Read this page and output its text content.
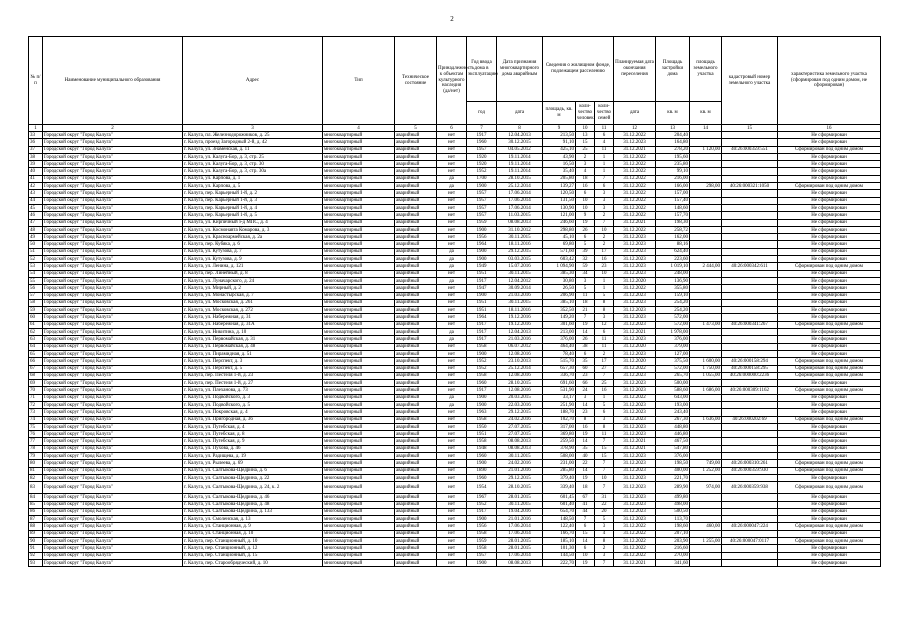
2
№ п/п	Наименование муниципального образования	Адрес	Тип	Техническое состояние	Принадлежность к объектам культурного наследия (да/нет)	Год ввода дома в эксплуатацию	Дата признания многоквартирного дома аварийным	Сведения о жилищном фонде, подлежащем расселению			Планируемая дата окончания переселения	Площадь застройки дома	площадь земельного участка	кадастровый номер земельного участка	характеристика земельного участка (сформирован под одним домом, не сформирован)
						год	дата	площадь, кв. м	коли- чество человек	коли- чество семей	дата	кв. м	кв. м		
1	2	3	4	5	6	7	8	9	10	11	12	13	14	15	16
33	Городской округ "Город Калуга"	г. Калуга, пл. Железнодорожников, д. 25	многоквартирный	аварийный	нет	1917	12.04.2013	213,50	13	6	31.12.2022	204,40			Не сформирован
36	Городской округ "Город Калуга"	г. Калуга, проезд Загородный 2-й, д. 42	многоквартирный	аварийный	нет	1960	30.12.2015	91,10	15	4	31.12.2023	164,80			Не сформирован
37	Городской округ "Город Калуга"	г. Калуга, ул. Знаменская, д. 11	многоквартирный	аварийный	нет	1957	04.05.2012	425,10	25	11	31.12.2021	278,20	1 120,00	40:26:000359:551	Сформирован под одним домом
38	Городской округ "Город Калуга"	г. Калуга, ул. Калуга-Бор, д. 3, стр. 25	многоквартирный	аварийный	нет	1920	19.11.2014	43,90	2	1	31.12.2022	195,60			Не сформирован
39	Городской округ "Город Калуга"	г. Калуга, ул. Калуга-Бор, д. 3, стр. 30	многоквартирный	аварийный	нет	1920	19.11.2014	16,50	3	1	31.12.2022	235,80			Не сформирован
40	Городской округ "Город Калуга"	г. Калуга, ул. Калуга-Бор, д. 3, стр. 30а	многоквартирный	аварийный	нет	1952	19.11.2014	35,40	4	1	31.12.2022	99,10			Не сформирован
41	Городской округ "Город Калуга"	г. Калуга, ул. Карпова, д. 1	многоквартирный	аварийный	да	1700	28.10.2015	205,80	18	7	31.12.2022	216,00			Не сформирован
42	Городской округ "Город Калуга"	г. Калуга, ул. Карпова, д. 5	многоквартирный	аварийный	да	1900	25.12.2014	139,27	16	6	31.12.2022	166,00	298,00	40:26:000321:1050	Сформирован под одним домом
43	Городской округ "Город Калуга"	г. Калуга, пер. Карьерный 1-й, д. 2	многоквартирный	аварийный	нет	1957	17.06.2014	120,50	6	3	31.12.2022	157,00			Не сформирован
44	Городской округ "Город Калуга"	г. Калуга, пер. Карьерный 1-й, д. 3	многоквартирный	аварийный	нет	1957	17.06.2014	131,50	10	3	31.12.2022	157,40			Не сформирован
45	Городской округ "Город Калуга"	г. Калуга, пер. Карьерный 1-й, д. 4	многоквартирный	аварийный	нет	1957	17.06.2014	130,90	10	3	31.12.2022	148,60			Не сформирован
46	Городской округ "Город Калуга"	г. Калуга, пер. Карьерный 1-й, д. 5	многоквартирный	аварийный	нет	1957	11.03.2015	121,00	9	2	31.12.2022	157,70			Не сформирован
47	Городской округ "Город Калуга"	г. Калуга, ул. Кирпичный з-д МПС, д. 4	многоквартирный	аварийный	нет	1959	08.08.2013	246,60	19	7	31.12.2021	198,30			Не сформирован
48	Городской округ "Город Калуга"	г. Калуга, ул. Космонавта Комарова, д. 3	многоквартирный	аварийный	нет	1900	31.10.2012	298,80	26	10	31.12.2022	258,72			Не сформирован
49	Городской округ "Город Калуга"	г. Калуга, ул. Красноармейская, д. 2а	многоквартирный	аварийный	нет	1956	30.11.2015	45,10	6	2	31.12.2023	162,00			Не сформирован
50	Городской округ "Город Калуга"	г. Калуга, пер. Кубяка, д. 6	многоквартирный	аварийный	нет	1964	18.11.2016	69,80	5	2	31.12.2023	88,16			Не сформирован
51	Городской округ "Город Калуга"	г. Калуга, ул. Кутузова, д. 7	многоквартирный	аварийный	да	1900	29.12.2015	571,60	39	17	31.12.2023	624,40			Не сформирован
52	Городской округ "Город Калуга"	г. Калуга, ул. Кутузова, д. 9	многоквартирный	аварийный	да	1900	03.03.2015	603,42	32	16	31.12.2023	223,60			Не сформирован
53	Городской округ "Город Калуга"	г. Калуга, ул. Ленина, д. 121	многоквартирный	аварийный	да	1949	15.07.2016	1 094,90	59	23	31.12.2023	1 019,10	2 444,00	40:26:000342:611	Сформирован под одним домом
54	Городской округ "Город Калуга"	г. Калуга, пер. Линейный, д. 8	многоквартирный	аварийный	нет	1951	30.11.2015	385,30	34	10	31.12.2023	248,00			Не сформирован
55	Городской округ "Город Калуга"	г. Калуга, ул. Луначарского, д. 24	многоквартирный	аварийный	да	1917	12.04.2012	30,80	3	1	31.12.2020	136,90			Не сформирован
56	Городской округ "Город Калуга"	г. Калуга, ул. Мирный, д. 2	многоквартирный	аварийный	нет	1947	30.09.2014	26,50	5	1	31.12.2022	355,80			Не сформирован
57	Городской округ "Город Калуга"	г. Калуга, ул. Монастырская, д. 7	многоквартирный	аварийный	нет	1900	21.03.2016	206,90	11	5	31.12.2023	159,10			Не сформирован
58	Городской округ "Город Калуга"	г. Калуга, ул. Московская, д. 261	многоквартирный	аварийный	нет	1951	30.11.2015	385,10	18	8	31.12.2023	254,20			Не сформирован
59	Городской округ "Город Калуга"	г. Калуга, ул. Московская, д. 272	многоквартирный	аварийный	нет	1951	18.11.2016	352,50	21	8	31.12.2023	254,20			Не сформирован
60	Городской округ "Город Калуга"	г. Калуга, ул. Набережная, д. 31	многоквартирный	аварийный	нет	1964	19.12.2016	149,20	7	3	31.12.2023	572,00			Не сформирован
61	Городской округ "Город Калуга"	г. Калуга, ул. Набережная, д. 31А	многоквартирный	аварийный	нет	1917	19.12.2016	301,60	19	12	31.12.2023	572,00	1 473,00	40:26:000341:267	Сформирован под одним домом
62	Городской округ "Город Калуга"	г. Калуга, ул. Никитина, д. 10	многоквартирный	аварийный	да	1917	12.04.2013	213,00	14	6	31.12.2021	1 978,00			Не сформирован
63	Городской округ "Город Калуга"	г. Калуга, ул. Первомайская, д. 31	многоквартирный	аварийный	да	1917	21.03.2016	376,00	26	11	31.12.2023	376,00			Не сформирован
64	Городской округ "Город Калуга"	г. Калуга, ул. Первомайская, д. 48	многоквартирный	аварийный	нет	1958	06.07.2012	464,40	38	11	31.12.2020	379,00			Не сформирован
65	Городской округ "Город Калуга"	г. Калуга, ул. Пирамидная, д. 51	многоквартирный	аварийный	нет	1900	12.08.2016	78,40	6	2	31.12.2023	127,00			Не сформирован
66	Городской округ "Город Калуга"	г. Калуга, ул. Перспект, д. 3	многоквартирный	аварийный	нет	1952	23.10.2013	515,70	35	17	31.12.2020	375,50	1 600,00	40:26:000158:294	Сформирован под одним домом
67	Городской округ "Город Калуга"	г. Калуга, ул. Перспект, д. 5	многоквартирный	аварийный	нет	1952	25.12.2014	657,30	60	27	31.12.2022	572,00	1 750,00	40:26:000158:295	Сформирован под одним домом
68	Городской округ "Город Калуга"	г. Калуга, пер. Пестеля 1-й, д. 23	многоквартирный	аварийный	нет	1958	12.08.2016	336,70	23	7	31.12.2023	265,70	1 055,00	40:26:000000:2236	Сформирован под одним домом
69	Городской округ "Город Калуга"	г. Калуга, пер. Пестеля 1-й, д. 27	многоквартирный	аварийный	нет	1960	28.10.2015	691,60	66	25	31.12.2023	500,00			Не сформирован
70	Городской округ "Город Калуга"	г. Калуга, ул. Плеханова, д. 73	многоквартирный	аварийный	нет	1917	12.08.2016	531,90	24	16	31.12.2023	588,60	1 686,00	40:26:000309:1162	Сформирован под одним домом
71	Городской округ "Город Калуга"	г. Калуга, ул. Подвойского, д. 3	многоквартирный	аварийный	да	1900	20.03.2015	33,17	3	1	31.12.2022	643,00			Не сформирован
72	Городской округ "Город Калуга"	г. Калуга, ул. Подвойского, д. 5	многоквартирный	аварийный	да	1900	22.03.2016	251,90	14	5	31.12.2023	193,00			Не сформирован
73	Городской округ "Город Калуга"	г. Калуга, ул. Покровская, д. 4	многоквартирный	аварийный	нет	1963	29.12.2015	188,70	23	6	31.12.2023	243,40			Не сформирован
74	Городской округ "Город Калуга"	г. Калуга, ул. Пригородная, д. 36	многоквартирный	аварийный	нет	1958	24.02.2016	102,70	8	3	31.12.2023	267,30	1 636,00	40:26:000202:69	Сформирован под одним домом
75	Городской округ "Город Калуга"	г. Калуга, ул. Пугебская, д. 4	многоквартирный	аварийный	нет	1950	27.07.2015	317,00	16	8	31.12.2023	448,80			Не сформирован
76	Городской округ "Город Калуга"	г. Калуга, ул. Пугебская, д. 8	многоквартирный	аварийный	нет	1951	27.07.2015	369,80	19	11	31.12.2023	446,80			Не сформирован
77	Городской округ "Город Калуга"	г. Калуга, ул. Пугебская, д. 9	многоквартирный	аварийный	нет	1958	08.08.2013	259,50	14	7	31.12.2021	467,50			Не сформирован
78	Городской округ "Город Калуга"	г. Калуга, ул. Пухова, д. 46	многоквартирный	аварийный	нет	1948	08.08.2013	378,90	35	15	31.12.2021	547,80			Не сформирован
79	Городской округ "Город Калуга"	г. Калуга, ул. Радищева, д. 19	многоквартирный	аварийный	нет	1960	30.11.2015	508,00	40	15	31.12.2023	376,00			Не сформирован
80	Городской округ "Город Калуга"	г. Калуга, ул. Рылеева, д. 69	многоквартирный	аварийный	нет	1900	24.02.2016	231,00	22	7	31.12.2023	198,50	749,00	40:26:000310:261	Сформирован под одним домом
81	Городской округ "Город Калуга"	г. Калуга, ул. Салтыкова-Щедрина, д. 6	многоквартирный	аварийный	нет	1890	21.01.2016	285,80	14	7	31.12.2023	400,00	1 252,00	40:26:000359:930	Сформирован под одним домом
82	Городской округ "Город Калуга"	г. Калуга, ул. Салтыкова-Щедрина, д. 22	многоквартирный	аварийный	нет	1960	29.12.2015	379,40	19	10	31.12.2023	221,70			Не сформирован
83	Городской округ "Город Калуга"	г. Калуга, ул. Салтыкова-Щедрина, д. 24, к. 2	многоквартирный	аварийный	нет	1954	28.10.2015	339,40	18	7	31.12.2023	289,90	974,00	40:26:000359:938	Сформирован под одним домом
84	Городской округ "Город Калуга"	г. Калуга, ул. Салтыкова-Щедрина, д. 46	многоквартирный	аварийный	нет	1967	28.01.2015	601,45	67	31	31.12.2023	499,80			Не сформирован
85	Городской округ "Город Калуга"	г. Калуга, ул. Салтыкова-Щедрина, д. 48	многоквартирный	аварийный	нет	1952	30.11.2015	601,40	41	22	31.12.2023	498,00			Не сформирован
86	Городской округ "Город Калуга"	г. Калуга, ул. Салтыкова-Щедрина, д. 133	многоквартирный	аварийный	нет	1917	19.04.2016	654,70	44	20	31.12.2023	500,50			Не сформирован
87	Городской округ "Город Калуга"	г. Калуга, ул. Смоленская, д. 13	многоквартирный	аварийный	нет	1900	21.01.2016	148,50	7	5	31.12.2023	113,70			Не сформирован
88	Городской округ "Город Калуга"	г. Калуга, ул. Станционная, д. 9	многоквартирный	аварийный	нет	1956	17.06.2014	122,40	6	3	31.12.2022	198,60	460,00	40:26:000047:224	Сформирован под одним домом
89	Городской округ "Город Калуга"	г. Калуга, ул. Станционная, д. 10	многоквартирный	аварийный	нет	1958	17.06.2014	166,70	15	4	31.12.2022	207,10			Не сформирован
90	Городской округ "Город Калуга"	г. Калуга, пер. Станционный, д. 10	многоквартирный	аварийный	нет	1959	28.01.2015	185,10	14	8	31.12.2022	203,90	1 255,00	40:26:000047:0117	Сформирован под одним домом
91	Городской округ "Город Калуга"	г. Калуга, пер. Станционный, д. 12	многоквартирный	аварийный	нет	1958	28.01.2015	101,30	6	2	31.12.2022	216,60			Не сформирован
92	Городской округ "Город Калуга"	г. Калуга, пер. Станционный, д. 15	многоквартирный	аварийный	нет	1957	17.06.2014	144,50	10	3	31.12.2022	270,00			Не сформирован
93	Городской округ "Город Калуга"	г. Калуга, пер. Старообрядческий, д. 10	многоквартирный	аварийный	нет	1900	08.08.2013	222,70	19	7	31.12.2021	341,60			Не сформирован
